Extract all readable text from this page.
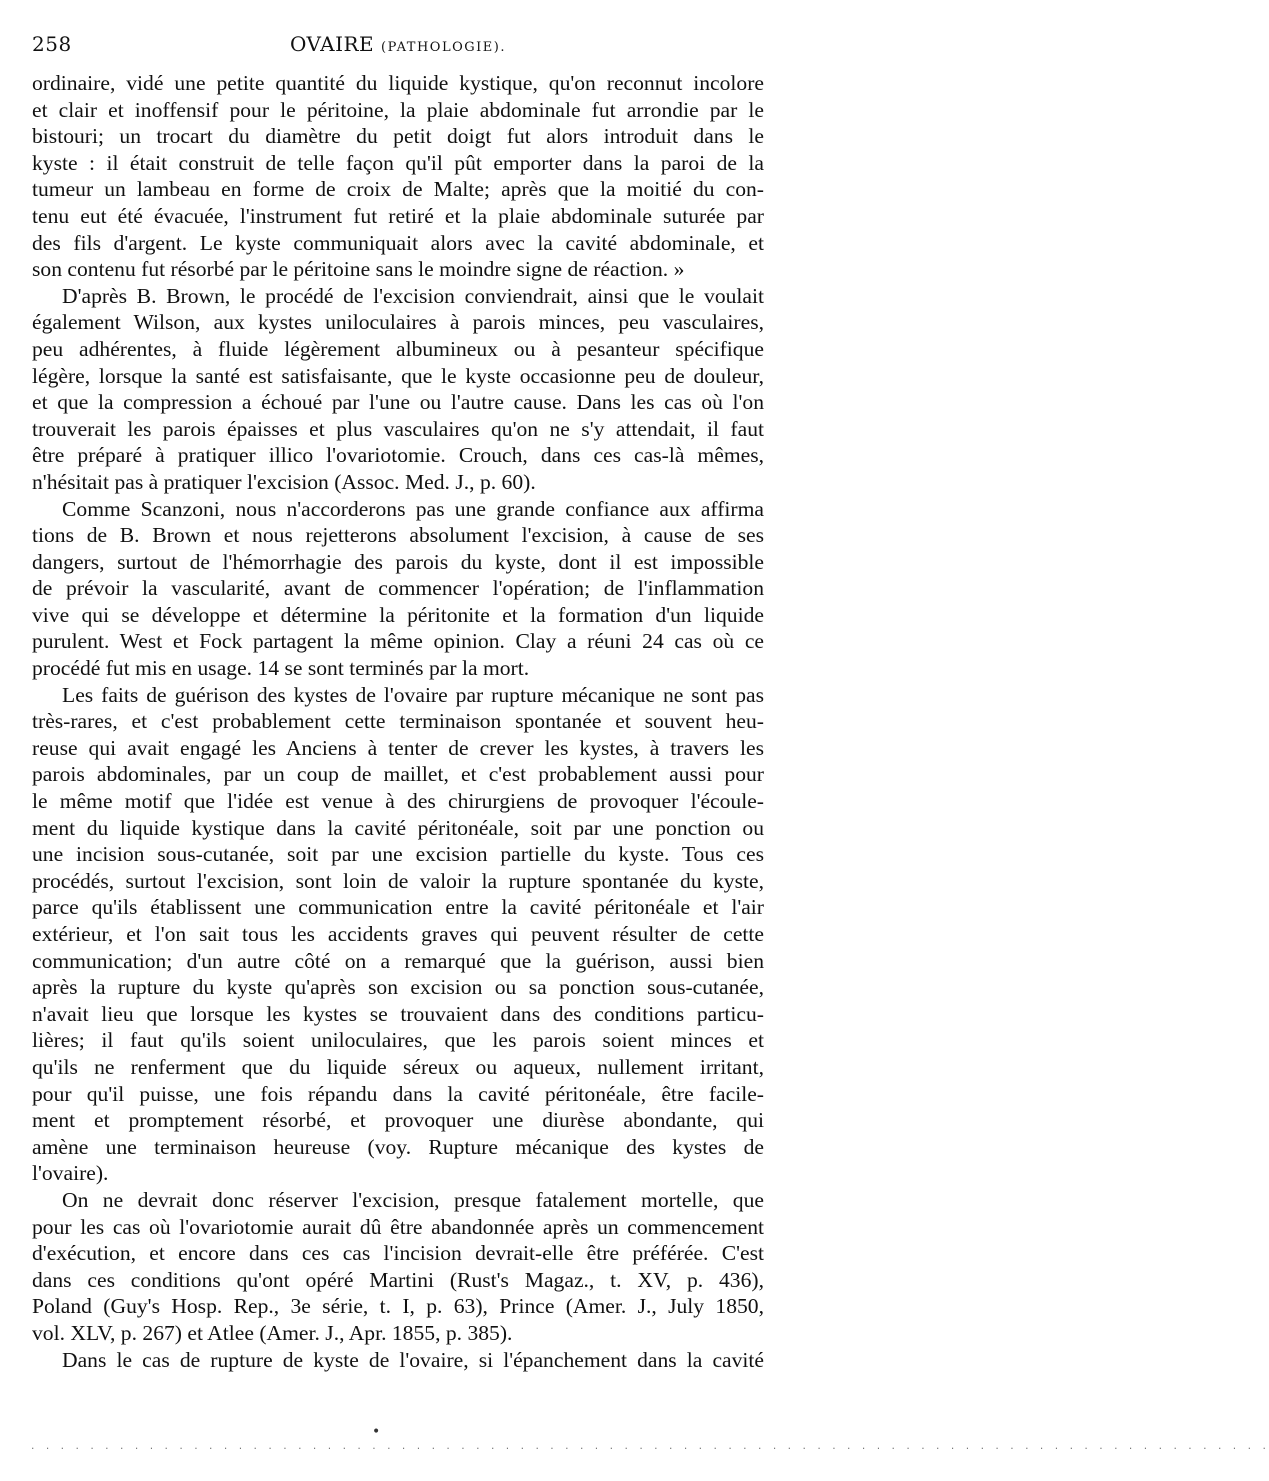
258	OVAIRE (PATHOLOGIE).
ordinaire, vidé une petite quantité du liquide kystique, qu'on reconnut incolore
et clair et inoffensif pour le péritoine, la plaie abdominale fut arrondie par le
bistouri; un trocart du diamètre du petit doigt fut alors introduit dans le
kyste : il était construit de telle façon qu'il pût emporter dans la paroi de la
tumeur un lambeau en forme de croix de Malte; après que la moitié du con-
tenu eut été évacuée, l'instrument fut retiré et la plaie abdominale suturée par
des fils d'argent. Le kyste communiquait alors avec la cavité abdominale, et
son contenu fut résorbé par le péritoine sans le moindre signe de réaction. »
D'après B. Brown, le procédé de l'excision conviendrait, ainsi que le voulait
également Wilson, aux kystes uniloculaires à parois minces, peu vasculaires,
peu adhérentes, à fluide légèrement albumineux ou à pesanteur spécifique
légère, lorsque la santé est satisfaisante, que le kyste occasionne peu de douleur,
et que la compression a échoué par l'une ou l'autre cause. Dans les cas où l'on
trouverait les parois épaisses et plus vasculaires qu'on ne s'y attendait, il faut
être préparé à pratiquer illico l'ovariotomie. Crouch, dans ces cas-là mêmes,
n'hésitait pas à pratiquer l'excision (Assoc. Med. J., p. 60).
Comme Scanzoni, nous n'accorderons pas une grande confiance aux affirma
tions de B. Brown et nous rejetterons absolument l'excision, à cause de ses
dangers, surtout de l'hémorrhagie des parois du kyste, dont il est impossible
de prévoir la vascularité, avant de commencer l'opération; de l'inflammation
vive qui se développe et détermine la péritonite et la formation d'un liquide
purulent. West et Fock partagent la même opinion. Clay a réuni 24 cas où ce
procédé fut mis en usage. 14 se sont terminés par la mort.
Les faits de guérison des kystes de l'ovaire par rupture mécanique ne sont pas
très-rares, et c'est probablement cette terminaison spontanée et souvent heu-
reuse qui avait engagé les Anciens à tenter de crever les kystes, à travers les
parois abdominales, par un coup de maillet, et c'est probablement aussi pour
le même motif que l'idée est venue à des chirurgiens de provoquer l'écoule-
ment du liquide kystique dans la cavité péritonéale, soit par une ponction ou
une incision sous-cutanée, soit par une excision partielle du kyste. Tous ces
procédés, surtout l'excision, sont loin de valoir la rupture spontanée du kyste,
parce qu'ils établissent une communication entre la cavité péritonéale et l'air
extérieur, et l'on sait tous les accidents graves qui peuvent résulter de cette
communication; d'un autre côté on a remarqué que la guérison, aussi bien
après la rupture du kyste qu'après son excision ou sa ponction sous-cutanée,
n'avait lieu que lorsque les kystes se trouvaient dans des conditions particu-
lières; il faut qu'ils soient uniloculaires, que les parois soient minces et
qu'ils ne renferment que du liquide séreux ou aqueux, nullement irritant,
pour qu'il puisse, une fois répandu dans la cavité péritonéale, être facile-
ment et promptement résorbé, et provoquer une diurèse abondante, qui
amène une terminaison heureuse (voy. Rupture mécanique des kystes de
l'ovaire).
On ne devrait donc réserver l'excision, presque fatalement mortelle, que
pour les cas où l'ovariotomie aurait dû être abandonnée après un commencement
d'exécution, et encore dans ces cas l'incision devrait-elle être préférée. C'est
dans ces conditions qu'ont opéré Martini (Rust's Magaz., t. XV, p. 436),
Poland (Guy's Hosp. Rep., 3e série, t. I, p. 63), Prince (Amer. J., July 1850,
vol. XLV, p. 267) et Atlee (Amer. J., Apr. 1855, p. 385).
Dans le cas de rupture de kyste de l'ovaire, si l'épanchement dans la cavité
•
. . . . . . . . . . . . . . . . . . . . . . . . . . . . . . . . . . . . . . . . . . . . . . . . . . . . . . . . . . . . . . . . . . . . . . . . . . . . . . . . . . . .
